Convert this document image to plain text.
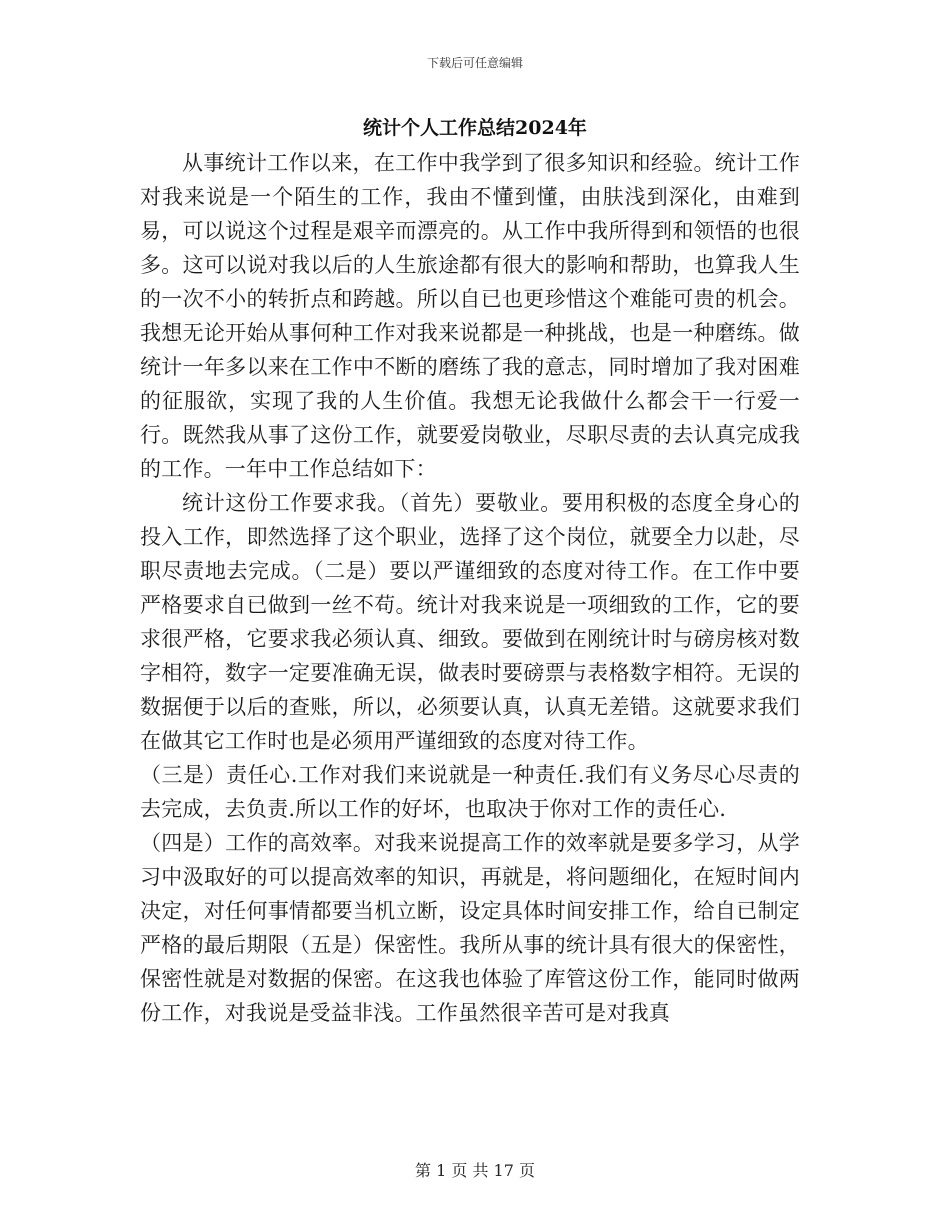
下载后可任意编辑
统计个人工作总结2024年

从事统计工作以来，在工作中我学到了很多知识和经验。统计工作对我来说是一个陌生的工作，我由不懂到懂，由肤浅到深化，由难到易，可以说这个过程是艰辛而漂亮的。从工作中我所得到和领悟的也很多。这可以说对我以后的人生旅途都有很大的影响和帮助，也算我人生的一次不小的转折点和跨越。所以自已也更珍惜这个难能可贵的机会。我想无论开始从事何种工作对我来说都是一种挑战，也是一种磨练。做统计一年多以来在工作中不断的磨练了我的意志，同时增加了我对困难的征服欲，实现了我的人生价值。我想无论我做什么都会干一行爱一行。既然我从事了这份工作，就要爱岗敬业，尽职尽责的去认真完成我的工作。一年中工作总结如下：

统计这份工作要求我。（首先）要敬业。要用积极的态度全身心的投入工作，即然选择了这个职业，选择了这个岗位，就要全力以赴，尽职尽责地去完成。（二是）要以严谨细致的态度对待工作。在工作中要严格要求自已做到一丝不苟。统计对我来说是一项细致的工作，它的要求很严格，它要求我必须认真、细致。要做到在刚统计时与磅房核对数字相符，数字一定要准确无误，做表时要磅票与表格数字相符。无误的数据便于以后的查账，所以，必须要认真，认真无差错。这就要求我们在做其它工作时也是必须用严谨细致的态度对待工作。

（三是）责任心.工作对我们来说就是一种责任.我们有义务尽心尽责的去完成，去负责.所以工作的好坏，也取决于你对工作的责任心.

（四是）工作的高效率。对我来说提高工作的效率就是要多学习，从学习中汲取好的可以提高效率的知识，再就是，将问题细化，在短时间内决定，对任何事情都要当机立断，设定具体时间安排工作，给自已制定严格的最后期限（五是）保密性。我所从事的统计具有很大的保密性，保密性就是对数据的保密。在这我也体验了库管这份工作，能同时做两份工作，对我说是受益非浅。工作虽然很辛苦可是对我真

第 1 页 共 17 页
